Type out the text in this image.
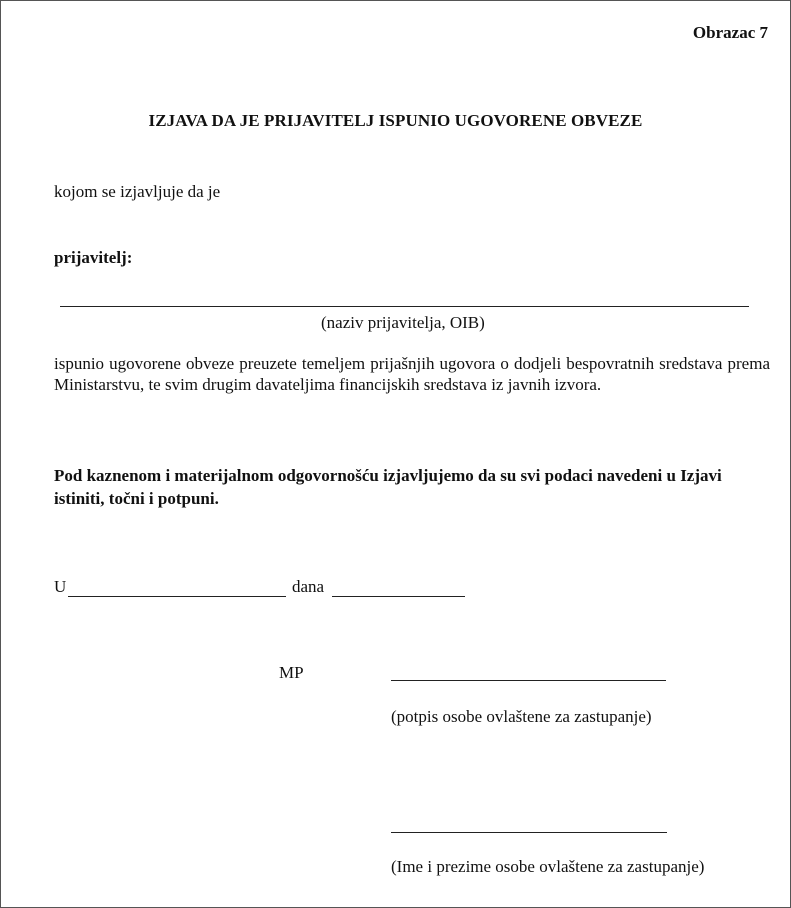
Obrazac 7
IZJAVA DA JE PRIJAVITELJ ISPUNIO UGOVORENE OBVEZE
kojom se izjavljuje da je
prijavitelj:
(naziv prijavitelja, OIB)
ispunio ugovorene obveze preuzete temeljem prijašnjih ugovora o dodjeli bespovratnih sredstava prema Ministarstvu, te svim drugim davateljima financijskih sredstava iz javnih izvora.
Pod kaznenom i materijalnom odgovornošću izjavljujemo da su svi podaci navedeni u Izjavi istiniti, točni i potpuni.
U	dana
MP
(potpis osobe ovlaštene za zastupanje)
(Ime i prezime osobe ovlaštene za zastupanje)
